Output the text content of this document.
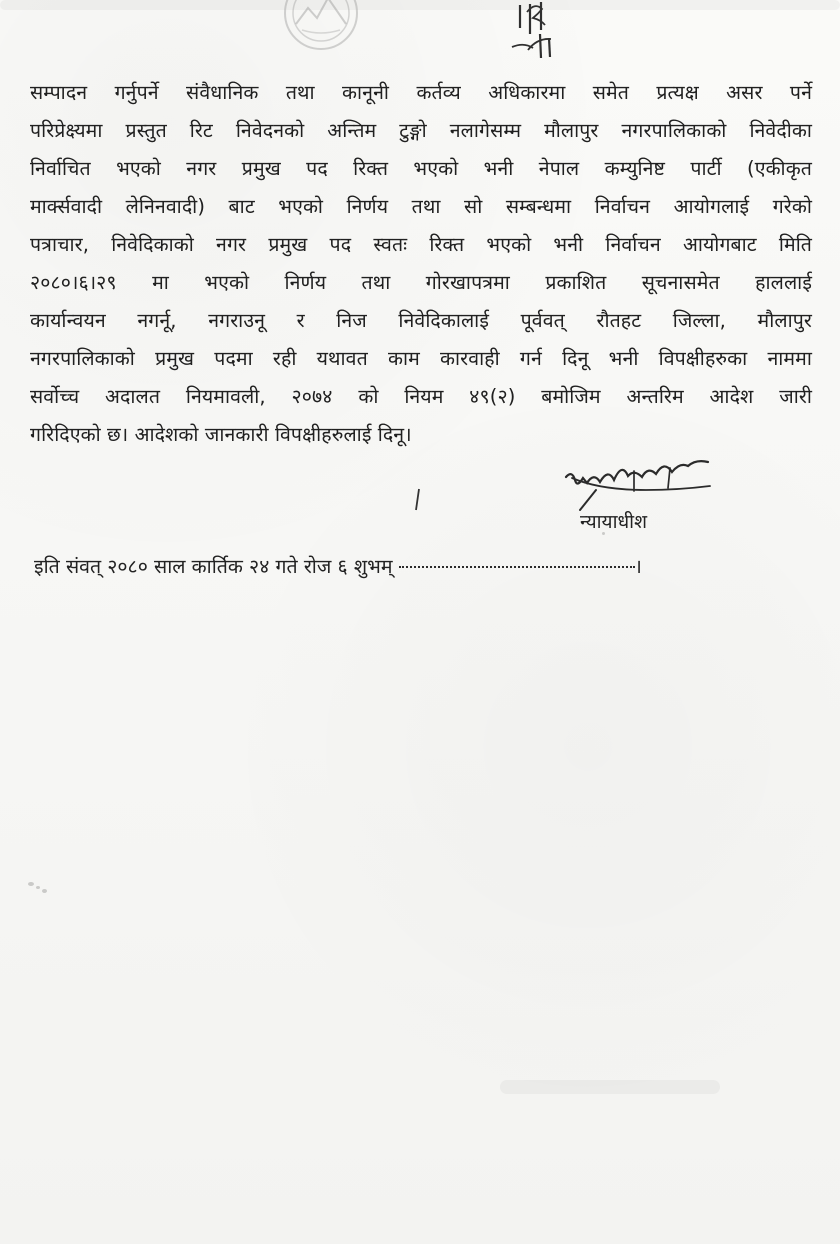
सम्पादन गर्नुपर्ने संवैधानिक तथा कानूनी कर्तव्य अधिकारमा समेत प्रत्यक्ष असर पर्ने
परिप्रेक्ष्यमा प्रस्तुत रिट निवेदनको अन्तिम टुङ्गो नलागेसम्म मौलापुर नगरपालिकाको निवेदीका
निर्वाचित भएको नगर प्रमुख पद रिक्त भएको भनी नेपाल कम्युनिष्ट पार्टी (एकीकृत
मार्क्सवादी लेनिनवादी) बाट भएको निर्णय तथा सो सम्बन्धमा निर्वाचन आयोगलाई गरेको
पत्राचार, निवेदिकाको नगर प्रमुख पद स्वतः रिक्त भएको भनी निर्वाचन आयोगबाट मिति
२०८०।६।२९ मा भएको निर्णय तथा गोरखापत्रमा प्रकाशित सूचनासमेत हाललाई
कार्यान्वयन नगर्नू, नगराउनू र निज निवेदिकालाई पूर्ववत् रौतहट जिल्ला, मौलापुर
नगरपालिकाको प्रमुख पदमा रही यथावत काम कारवाही गर्न दिनू भनी विपक्षीहरुका नाममा
सर्वोच्च अदालत नियमावली, २०७४ को नियम ४९(२) बमोजिम अन्तरिम आदेश जारी
गरिदिएको छ। आदेशको जानकारी विपक्षीहरुलाई दिनू।
न्यायाधीश
इति संवत् २०८० साल कार्तिक २४ गते रोज ६ शुभम्	।
